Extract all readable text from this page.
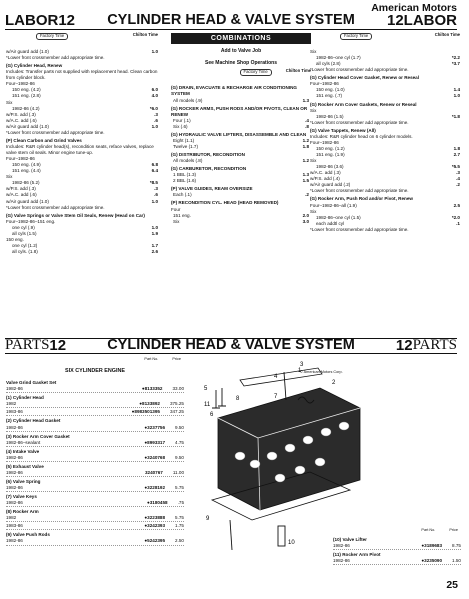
American Motors
LABOR 12	CYLINDER HEAD & VALVE SYSTEM	12 LABOR
Factory Time	Chilton Time
w/Air guard add (1.0)	1.0
*Lower front crossmember add appropriate time.
(G) Cylinder Head, Renew
Includes: Transfer parts not supplied with replacement head. Clean carbon from cylinder block.
Four–1982-86
150 eng. (4.2)	6.0
151 eng. (2.8)	4.0
Six
1982-86 (4.2)	*6.0
w/P.S. add (.3)	.3
w/A.C. add (.6)	.6
w/Air guard add (1.0)	1.0
*Lower front crossmember add appropriate time.
(P) Clean Carbon and Grind Valves
Includes: R&R cylinder head(s), recondition seats, reface valves, replace valve stem oil seals. Minor engine tune-up.
Four–1982-86
150 eng. (4.9)	6.8
151 eng. (4.4)	6.4
Six
1982-86 (5.2)	*8.5
w/P.S. add (.3)	.3
w/A.C. add (.6)	.6
w/Air guard add (1.0)	1.0
*Lower front crossmember add appropriate time.
(G) Valve Springs or Valve Stem Oil Seals, Renew (Head on Car)
Four–1982-86–151 eng.
one cyl (.9)	1.0
all cyls (1.5)	1.9
150 eng.
one cyl (1.2)	1.7
all cyls. (1.8)	2.6
COMBINATIONS
Add to Valve Job
See Machine Shop Operations
Factory Time	Chilton Time
(G) DRAIN, EVACUATE & RECHARGE AIR CONDITIONING SYSTEM
All models (.9)	1.3
(G) ROCKER ARMS, PUSH RODS AND/OR PIVOTS, CLEAN OR RENEW
Four (.1)	.4
Six (.6)	.8
(G) HYDRAULIC VALVE LIFTERS, DISASSEMBLE AND CLEAN
Eight (1.1)	1.2
Twelve (1.7)	1.8
(G) DISTRIBUTOR, RECONDITION
All models (.8)	1.2
(G) CARBURETOR, RECONDITION
1 BBL (1.3)	1.3
2 BBL (1.6)	1.5
(P) VALVE GUIDES, REAM OVERSIZE
Each (.1)	.2
(P) RECONDITION CYL. HEAD (HEAD REMOVED)
Four
151 eng.	2.0
Six	3.0
Factory Time	Chilton Time
Six
1982-86–one cyl (1.7)	*2.2
all cyls (2.8)	*3.7
*Lower front crossmember add appropriate time.
(G) Cylinder Head Cover Gasket, Renew or Reseal
Four–1982-86
150 eng. (1.0)	1.4
151 eng. (.7)	1.0
(G) Rocker Arm Cover Gaskets, Renew or Reseal
Six
1982-86 (1.5)	*1.8
*Lower front crossmember add appropriate time.
(G) Valve Tappets, Renew (All)
Includes: R&R cylinder head on 6 cylinder models.
Four–1982-86
150 eng. (1.2)	1.8
151 eng. (1.9)	2.7
Six
1982-86 (3.6)	*5.5
w/A.C. add (.3)	.3
w/P.S. add (.4)	.4
w/Air guard add (.2)	.2
*Lower front crossmember add appropriate time.
(G) Rocker Arm, Push Rod and/or Pivot, Renew
Four–1982-86–all (1.9)	2.5
Six
1982-86–one cyl (1.5)	*2.0
each addtl cyl	.1
*Lower front crossmember add appropriate time.
PARTS 12	CYLINDER HEAD & VALVE SYSTEM	12 PARTS
Part No.	Price
SIX CYLINDER ENGINE
Valve Grind Gasket Set
1982-86	●8133352 33.00
(1) Cylinder Head
1982	●8133892 375.25
1983-86	●8983501395 347.25
(2) Cylinder Head Gasket
1982-86	●3237756 9.50
(3) Rocker Arm Cover Gasket
1982-86–sealant	●8993317 4.75
(4) Intake Valve
1982-86	●3240768 9.50
(5) Exhaust Valve
1982-86	3240767 11.00
(6) Valve Spring
1982-86	●3228192 5.75
(7) Valve Keys
1982-86	●3180458 .75
(8) Rocker Arm
1982	●3223888 5.75
1983-86	●3242393 1.75
(9) Valve Push Rods
1982-86	●5242395 2.50
1
2
3
4
5
6
7
8
9
10
11
© American Motors Corp.
Part No.	Price
(10) Valve Lifter
1982-86	●3189683 8.75
(11) Rocker Arm Pivot
1982-86	●3235090 1.50
25
